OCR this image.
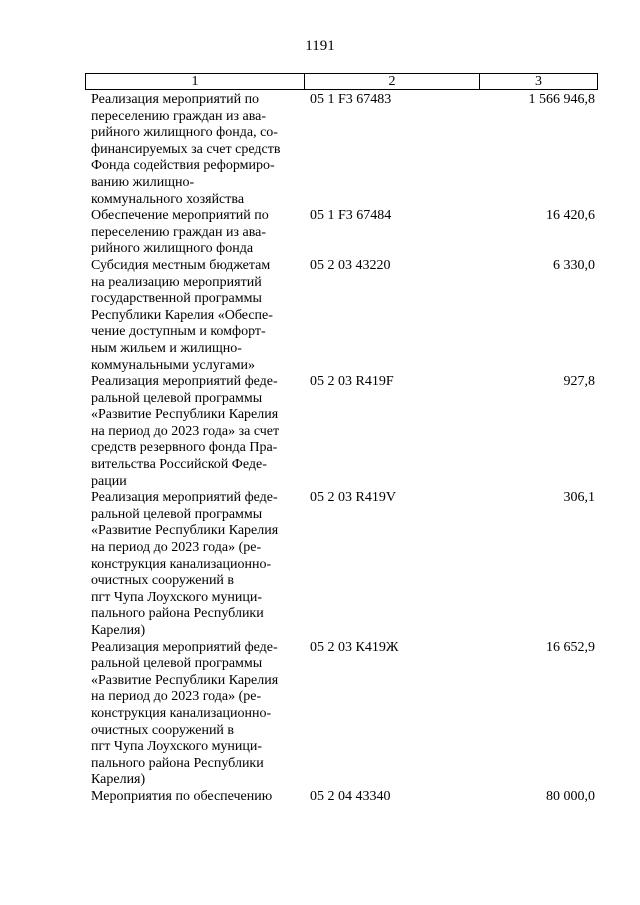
1191
1	2	3
Реализация мероприятий по
переселению граждан из ава-
рийного жилищного фонда, со-
финансируемых за счет средств
Фонда содействия реформиро-
ванию жилищно-
коммунального хозяйства
05 1 F3 67483	1 566 946,8
Обеспечение мероприятий по
переселению граждан из ава-
рийного жилищного фонда
05 1 F3 67484	16 420,6
Субсидия местным бюджетам
на реализацию мероприятий
государственной программы
Республики Карелия «Обеспе-
чение доступным и комфорт-
ным жильем и жилищно-
коммунальными услугами»
05 2 03 43220	6 330,0
Реализация мероприятий феде-
ральной целевой программы
«Развитие Республики Карелия
на период до 2023 года» за счет
средств резервного фонда Пра-
вительства Российской Феде-
рации
05 2 03 R419F	927,8
Реализация мероприятий феде-
ральной целевой программы
«Развитие Республики Карелия
на период до 2023 года» (ре-
конструкция канализационно-
очистных сооружений в
пгт Чупа Лоухского муници-
пального района Республики
Карелия)
05 2 03 R419V	306,1
Реализация мероприятий феде-
ральной целевой программы
«Развитие Республики Карелия
на период до 2023 года» (ре-
конструкция канализационно-
очистных сооружений в
пгт Чупа Лоухского муници-
пального района Республики
Карелия)
05 2 03 К419Ж	16 652,9
Мероприятия по обеспечению	05 2 04 43340	80 000,0
